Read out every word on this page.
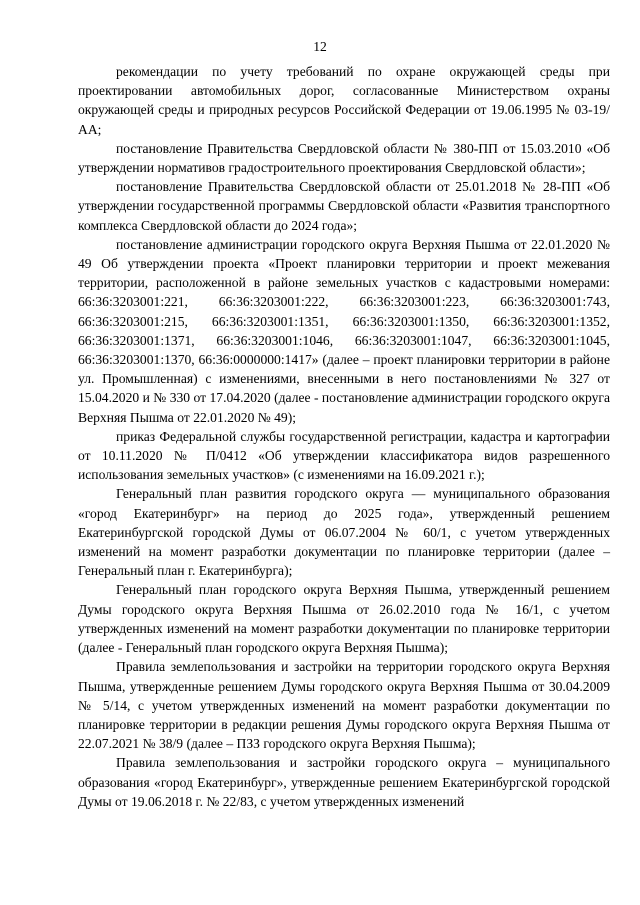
12

рекомендации по учету требований по охране окружающей среды при проектировании автомобильных дорог, согласованные Министерством охраны окружающей среды и природных ресурсов Российской Федерации от 19.06.1995 № 03-19/АА;

постановление Правительства Свердловской области № 380-ПП от 15.03.2010 «Об утверждении нормативов градостроительного проектирования Свердловской области»;

постановление Правительства Свердловской области от 25.01.2018 № 28-ПП «Об утверждении государственной программы Свердловской области «Развития транспортного комплекса Свердловской области до 2024 года»;

постановление администрации городского округа Верхняя Пышма от 22.01.2020 № 49 Об утверждении проекта «Проект планировки территории и проект межевания территории, расположенной в районе земельных участков с кадастровыми номерами: 66:36:3203001:221, 66:36:3203001:222, 66:36:3203001:223, 66:36:3203001:743, 66:36:3203001:215, 66:36:3203001:1351, 66:36:3203001:1350, 66:36:3203001:1352, 66:36:3203001:1371, 66:36:3203001:1046, 66:36:3203001:1047, 66:36:3203001:1045, 66:36:3203001:1370, 66:36:0000000:1417» (далее – проект планировки территории в районе ул. Промышленная) с изменениями, внесенными в него постановлениями № 327 от 15.04.2020 и № 330 от 17.04.2020 (далее - постановление администрации городского округа Верхняя Пышма от 22.01.2020 № 49);

приказ Федеральной службы государственной регистрации, кадастра и картографии от 10.11.2020 № П/0412 «Об утверждении классификатора видов разрешенного использования земельных участков» (с изменениями на 16.09.2021 г.);

Генеральный план развития городского округа — муниципального образования «город Екатеринбург» на период до 2025 года», утвержденный решением Екатеринбургской городской Думы от 06.07.2004 № 60/1, с учетом утвержденных изменений на момент разработки документации по планировке территории (далее – Генеральный план г. Екатеринбурга);

Генеральный план городского округа Верхняя Пышма, утвержденный решением Думы городского округа Верхняя Пышма от 26.02.2010 года № 16/1, с учетом утвержденных изменений на момент разработки документации по планировке территории (далее - Генеральный план городского округа Верхняя Пышма);

Правила землепользования и застройки на территории городского округа Верхняя Пышма, утвержденные решением Думы городского округа Верхняя Пышма от 30.04.2009 № 5/14, с учетом утвержденных изменений на момент разработки документации по планировке территории в редакции решения Думы городского округа Верхняя Пышма от 22.07.2021 № 38/9 (далее – ПЗЗ городского округа Верхняя Пышма);

Правила землепользования и застройки городского округа – муниципального образования «город Екатеринбург», утвержденные решением Екатеринбургской городской Думы от 19.06.2018 г. № 22/83, с учетом утвержденных изменений
